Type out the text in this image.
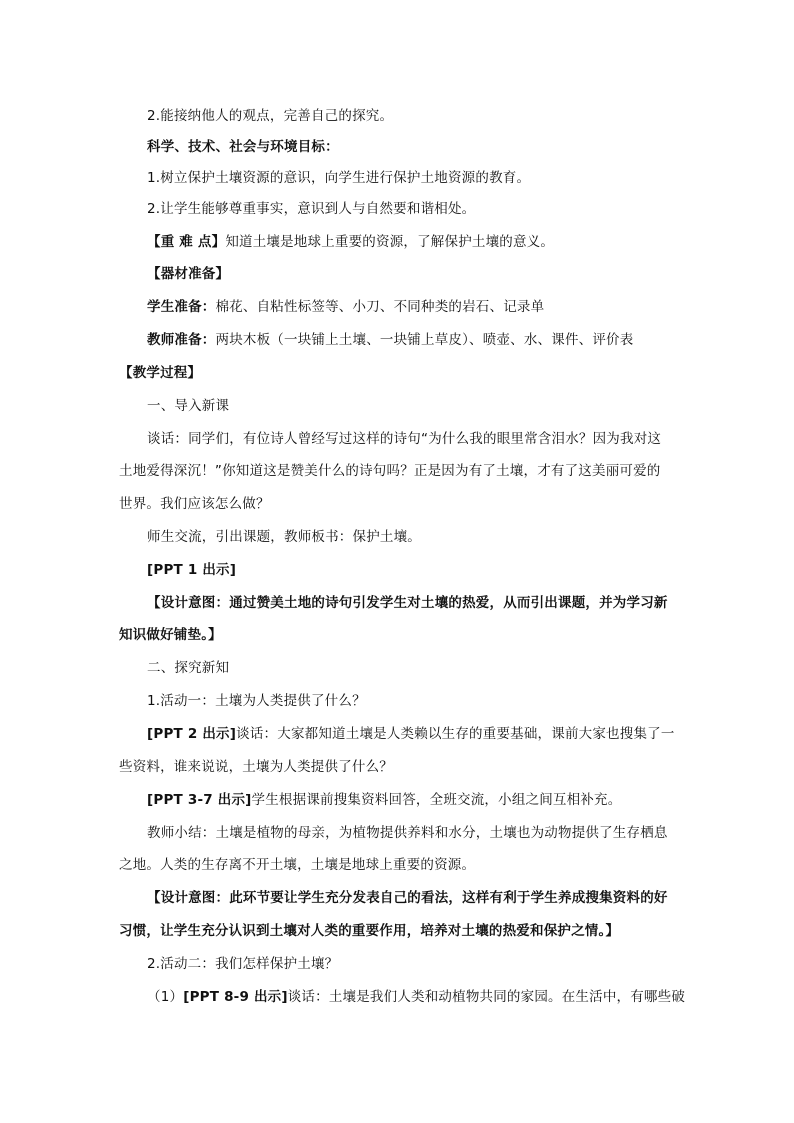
2.能接纳他人的观点，完善自己的探究。
科学、技术、社会与环境目标：
1.树立保护土壤资源的意识，向学生进行保护土地资源的教育。
2.让学生能够尊重事实，意识到人与自然要和谐相处。
【重 难 点】知道土壤是地球上重要的资源，了解保护土壤的意义。
【器材准备】
学生准备：棉花、自粘性标签等、小刀、不同种类的岩石、记录单
教师准备：两块木板（一块铺上土壤、一块铺上草皮）、喷壶、水、课件、评价表
【教学过程】
一、导入新课
谈话：同学们，有位诗人曾经写过这样的诗句“为什么我的眼里常含泪水？因为我对这
土地爱得深沉！”你知道这是赞美什么的诗句吗？正是因为有了土壤，才有了这美丽可爱的
世界。我们应该怎么做？
师生交流，引出课题，教师板书：保护土壤。
[PPT 1 出示]
【设计意图：通过赞美土地的诗句引发学生对土壤的热爱，从而引出课题，并为学习新
知识做好铺垫。】
二、探究新知
1.活动一：土壤为人类提供了什么？
[PPT 2 出示]谈话：大家都知道土壤是人类赖以生存的重要基础，课前大家也搜集了一
些资料，谁来说说，土壤为人类提供了什么？
[PPT 3-7 出示]学生根据课前搜集资料回答，全班交流，小组之间互相补充。
教师小结：土壤是植物的母亲，为植物提供养料和水分，土壤也为动物提供了生存栖息
之地。人类的生存离不开土壤，土壤是地球上重要的资源。
【设计意图：此环节要让学生充分发表自己的看法，这样有利于学生养成搜集资料的好
习惯，让学生充分认识到土壤对人类的重要作用，培养对土壤的热爱和保护之情。】
2.活动二：我们怎样保护土壤？
（1）[PPT 8-9 出示]谈话：土壤是我们人类和动植物共同的家园。在生活中，有哪些破
